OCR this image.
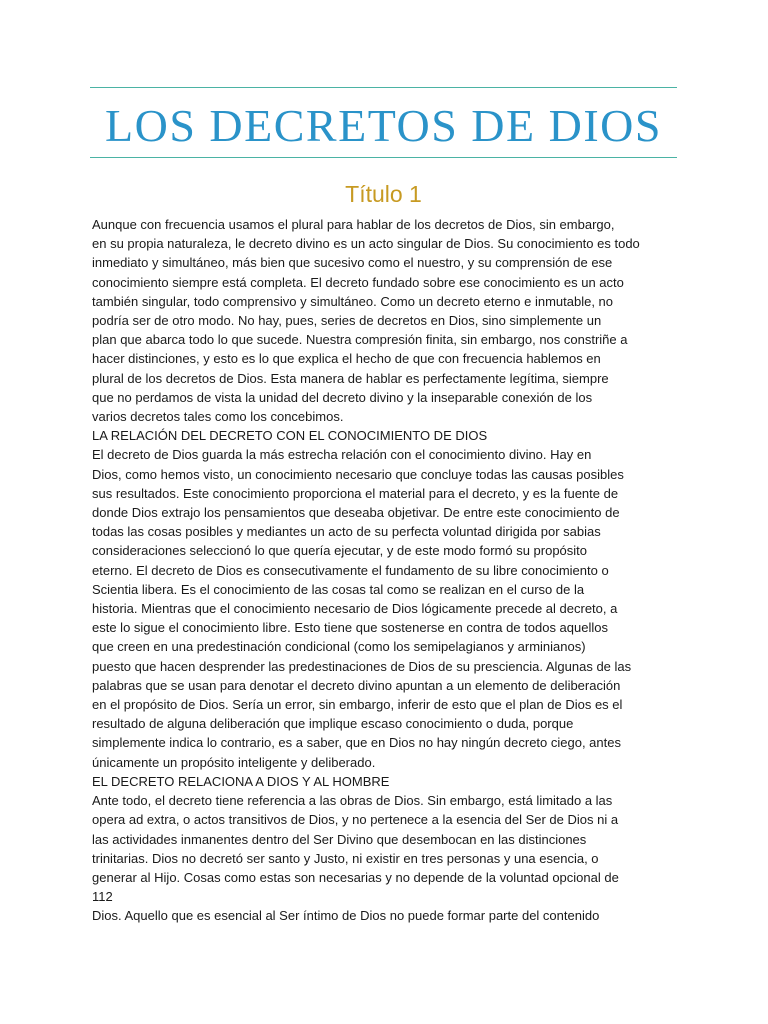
LOS DECRETOS DE DIOS
Título 1
Aunque con frecuencia usamos el plural para hablar de los decretos de Dios, sin embargo,
en su propia naturaleza, le decreto divino es un acto singular de Dios. Su conocimiento es todo
inmediato y simultáneo, más bien que sucesivo como el nuestro, y su comprensión de ese
conocimiento siempre está completa. El decreto fundado sobre ese conocimiento es un acto
también singular, todo comprensivo y simultáneo. Como un decreto eterno e inmutable, no
podría ser de otro modo. No hay, pues, series de decretos en Dios, sino simplemente un
plan que abarca todo lo que sucede. Nuestra compresión finita, sin embargo, nos constriñe a
hacer distinciones, y esto es lo que explica el hecho de que con frecuencia hablemos en
plural de los decretos de Dios. Esta manera de hablar es perfectamente legítima, siempre
que no perdamos de vista la unidad del decreto divino y la inseparable conexión de los
varios decretos tales como los concebimos.
LA RELACIÓN DEL DECRETO CON EL CONOCIMIENTO DE DIOS
El decreto de Dios guarda la más estrecha relación con el conocimiento divino. Hay en
Dios, como hemos visto, un conocimiento necesario que concluye todas las causas posibles
sus resultados. Este conocimiento proporciona el material para el decreto, y es la fuente de
donde Dios extrajo los pensamientos que deseaba objetivar. De entre este conocimiento de
todas las cosas posibles y mediantes un acto de su perfecta voluntad dirigida por sabias
consideraciones seleccionó lo que quería ejecutar, y de este modo formó su propósito
eterno. El decreto de Dios es consecutivamente el fundamento de su libre conocimiento o
Scientia libera. Es el conocimiento de las cosas tal como se realizan en el curso de la
historia. Mientras que el conocimiento necesario de Dios lógicamente precede al decreto, a
este lo sigue el conocimiento libre. Esto tiene que sostenerse en contra de todos aquellos
que creen en una predestinación condicional (como los semipelagianos y arminianos)
puesto que hacen desprender las predestinaciones de Dios de su presciencia. Algunas de las
palabras que se usan para denotar el decreto divino apuntan a un elemento de deliberación
en el propósito de Dios. Sería un error, sin embargo, inferir de esto que el plan de Dios es el
resultado de alguna deliberación que implique escaso conocimiento o duda, porque
simplemente indica lo contrario, es a saber, que en Dios no hay ningún decreto ciego, antes
únicamente un propósito inteligente y deliberado.
EL DECRETO RELACIONA A DIOS Y AL HOMBRE
Ante todo, el decreto tiene referencia a las obras de Dios. Sin embargo, está limitado a las
opera ad extra, o actos transitivos de Dios, y no pertenece a la esencia del Ser de Dios ni a
las actividades inmanentes dentro del Ser Divino que desembocan en las distinciones
trinitarias. Dios no decretó ser santo y Justo, ni existir en tres personas y una esencia, o
generar al Hijo. Cosas como estas son necesarias y no depende de la voluntad opcional de
112
Dios. Aquello que es esencial al Ser íntimo de Dios no puede formar parte del contenido
